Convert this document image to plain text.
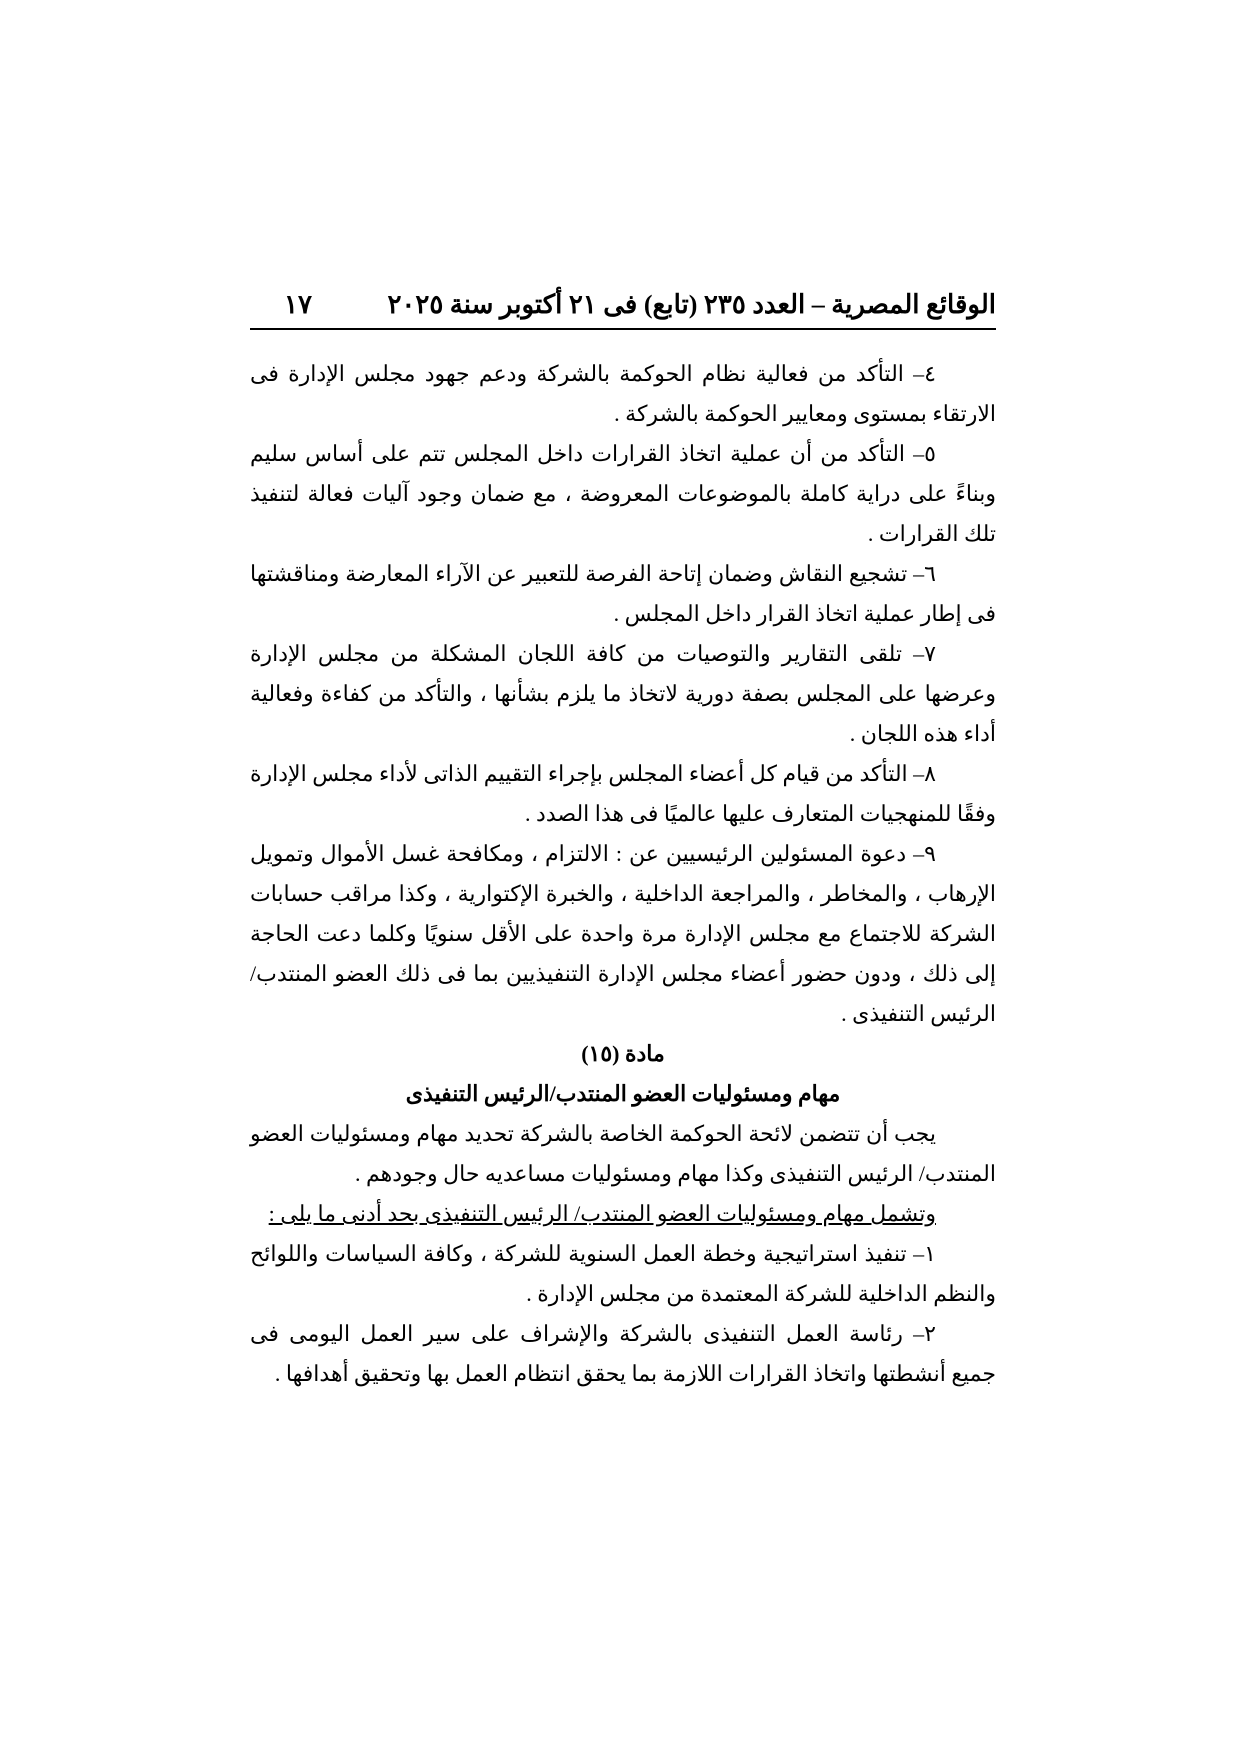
الوقائع المصرية – العدد ٢٣٥ (تابع) فى ٢١ أكتوبر سنة ٢٠٢٥
١٧

٤– التأكد من فعالية نظام الحوكمة بالشركة ودعم جهود مجلس الإدارة فى الارتقاء بمستوى ومعايير الحوكمة بالشركة .

٥– التأكد من أن عملية اتخاذ القرارات داخل المجلس تتم على أساس سليم وبناءً على دراية كاملة بالموضوعات المعروضة ، مع ضمان وجود آليات فعالة لتنفيذ تلك القرارات .

٦– تشجيع النقاش وضمان إتاحة الفرصة للتعبير عن الآراء المعارضة ومناقشتها فى إطار عملية اتخاذ القرار داخل المجلس .

٧– تلقى التقارير والتوصيات من كافة اللجان المشكلة من مجلس الإدارة وعرضها على المجلس بصفة دورية لاتخاذ ما يلزم بشأنها ، والتأكد من كفاءة وفعالية أداء هذه اللجان .

٨– التأكد من قيام كل أعضاء المجلس بإجراء التقييم الذاتى لأداء مجلس الإدارة وفقًا للمنهجيات المتعارف عليها عالميًا فى هذا الصدد .

٩– دعوة المسئولين الرئيسيين عن : الالتزام ، ومكافحة غسل الأموال وتمويل الإرهاب ، والمخاطر ، والمراجعة الداخلية ، والخبرة الإكتوارية ، وكذا مراقب حسابات الشركة للاجتماع مع مجلس الإدارة مرة واحدة على الأقل سنويًا وكلما دعت الحاجة إلى ذلك ، ودون حضور أعضاء مجلس الإدارة التنفيذيين بما فى ذلك العضو المنتدب/الرئيس التنفيذى .

مادة (١٥)

مهام ومسئوليات العضو المنتدب/الرئيس التنفيذى

يجب أن تتضمن لائحة الحوكمة الخاصة بالشركة تحديد مهام ومسئوليات العضو المنتدب/ الرئيس التنفيذى وكذا مهام ومسئوليات مساعديه حال وجودهم .

وتشمل مهام ومسئوليات العضو المنتدب/ الرئيس التنفيذى بحد أدنى ما يلى :

١– تنفيذ استراتيجية وخطة العمل السنوية للشركة ، وكافة السياسات واللوائح والنظم الداخلية للشركة المعتمدة من مجلس الإدارة .

٢– رئاسة العمل التنفيذى بالشركة والإشراف على سير العمل اليومى فى جميع أنشطتها واتخاذ القرارات اللازمة بما يحقق انتظام العمل بها وتحقيق أهدافها .
